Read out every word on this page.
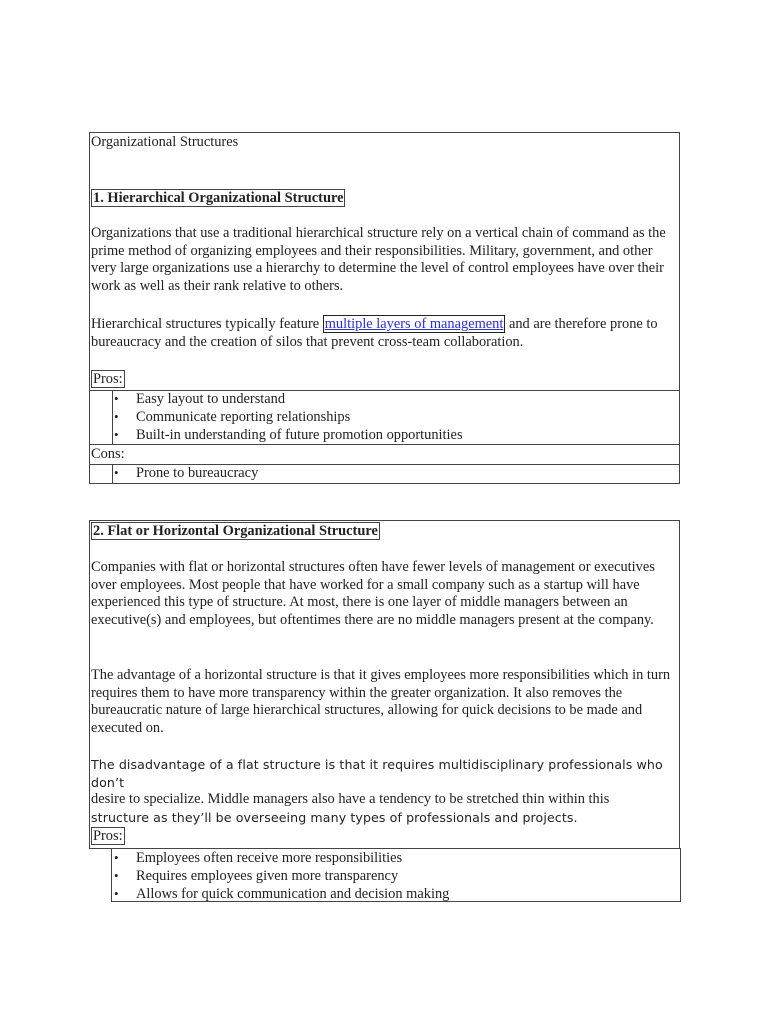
Organizational Structures
1. Hierarchical Organizational Structure

Organizations that use a traditional hierarchical structure rely on a vertical chain of command as the prime method of organizing employees and their responsibilities. Military, government, and other very large organizations use a hierarchy to determine the level of control employees have over their work as well as their rank relative to others.

Hierarchical structures typically feature multiple layers of management and are therefore prone to bureaucracy and the creation of silos that prevent cross-team collaboration.

Pros:
• Easy layout to understand
• Communicate reporting relationships
• Built-in understanding of future promotion opportunities
Cons:
• Prone to bureaucracy
2. Flat or Horizontal Organizational Structure

Companies with flat or horizontal structures often have fewer levels of management or executives over employees. Most people that have worked for a small company such as a startup will have experienced this type of structure. At most, there is one layer of middle managers between an executive(s) and employees, but oftentimes there are no middle managers present at the company.

The advantage of a horizontal structure is that it gives employees more responsibilities which in turn requires them to have more transparency within the greater organization. It also removes the bureaucratic nature of large hierarchical structures, allowing for quick decisions to be made and executed on.

The disadvantage of a flat structure is that it requires multidisciplinary professionals who don’t

desire to specialize. Middle managers also have a tendency to be stretched thin within this

structure as they’ll be overseeing many types of professionals and projects.

Pros:
• Employees often receive more responsibilities
• Requires employees given more transparency
• Allows for quick communication and decision making
